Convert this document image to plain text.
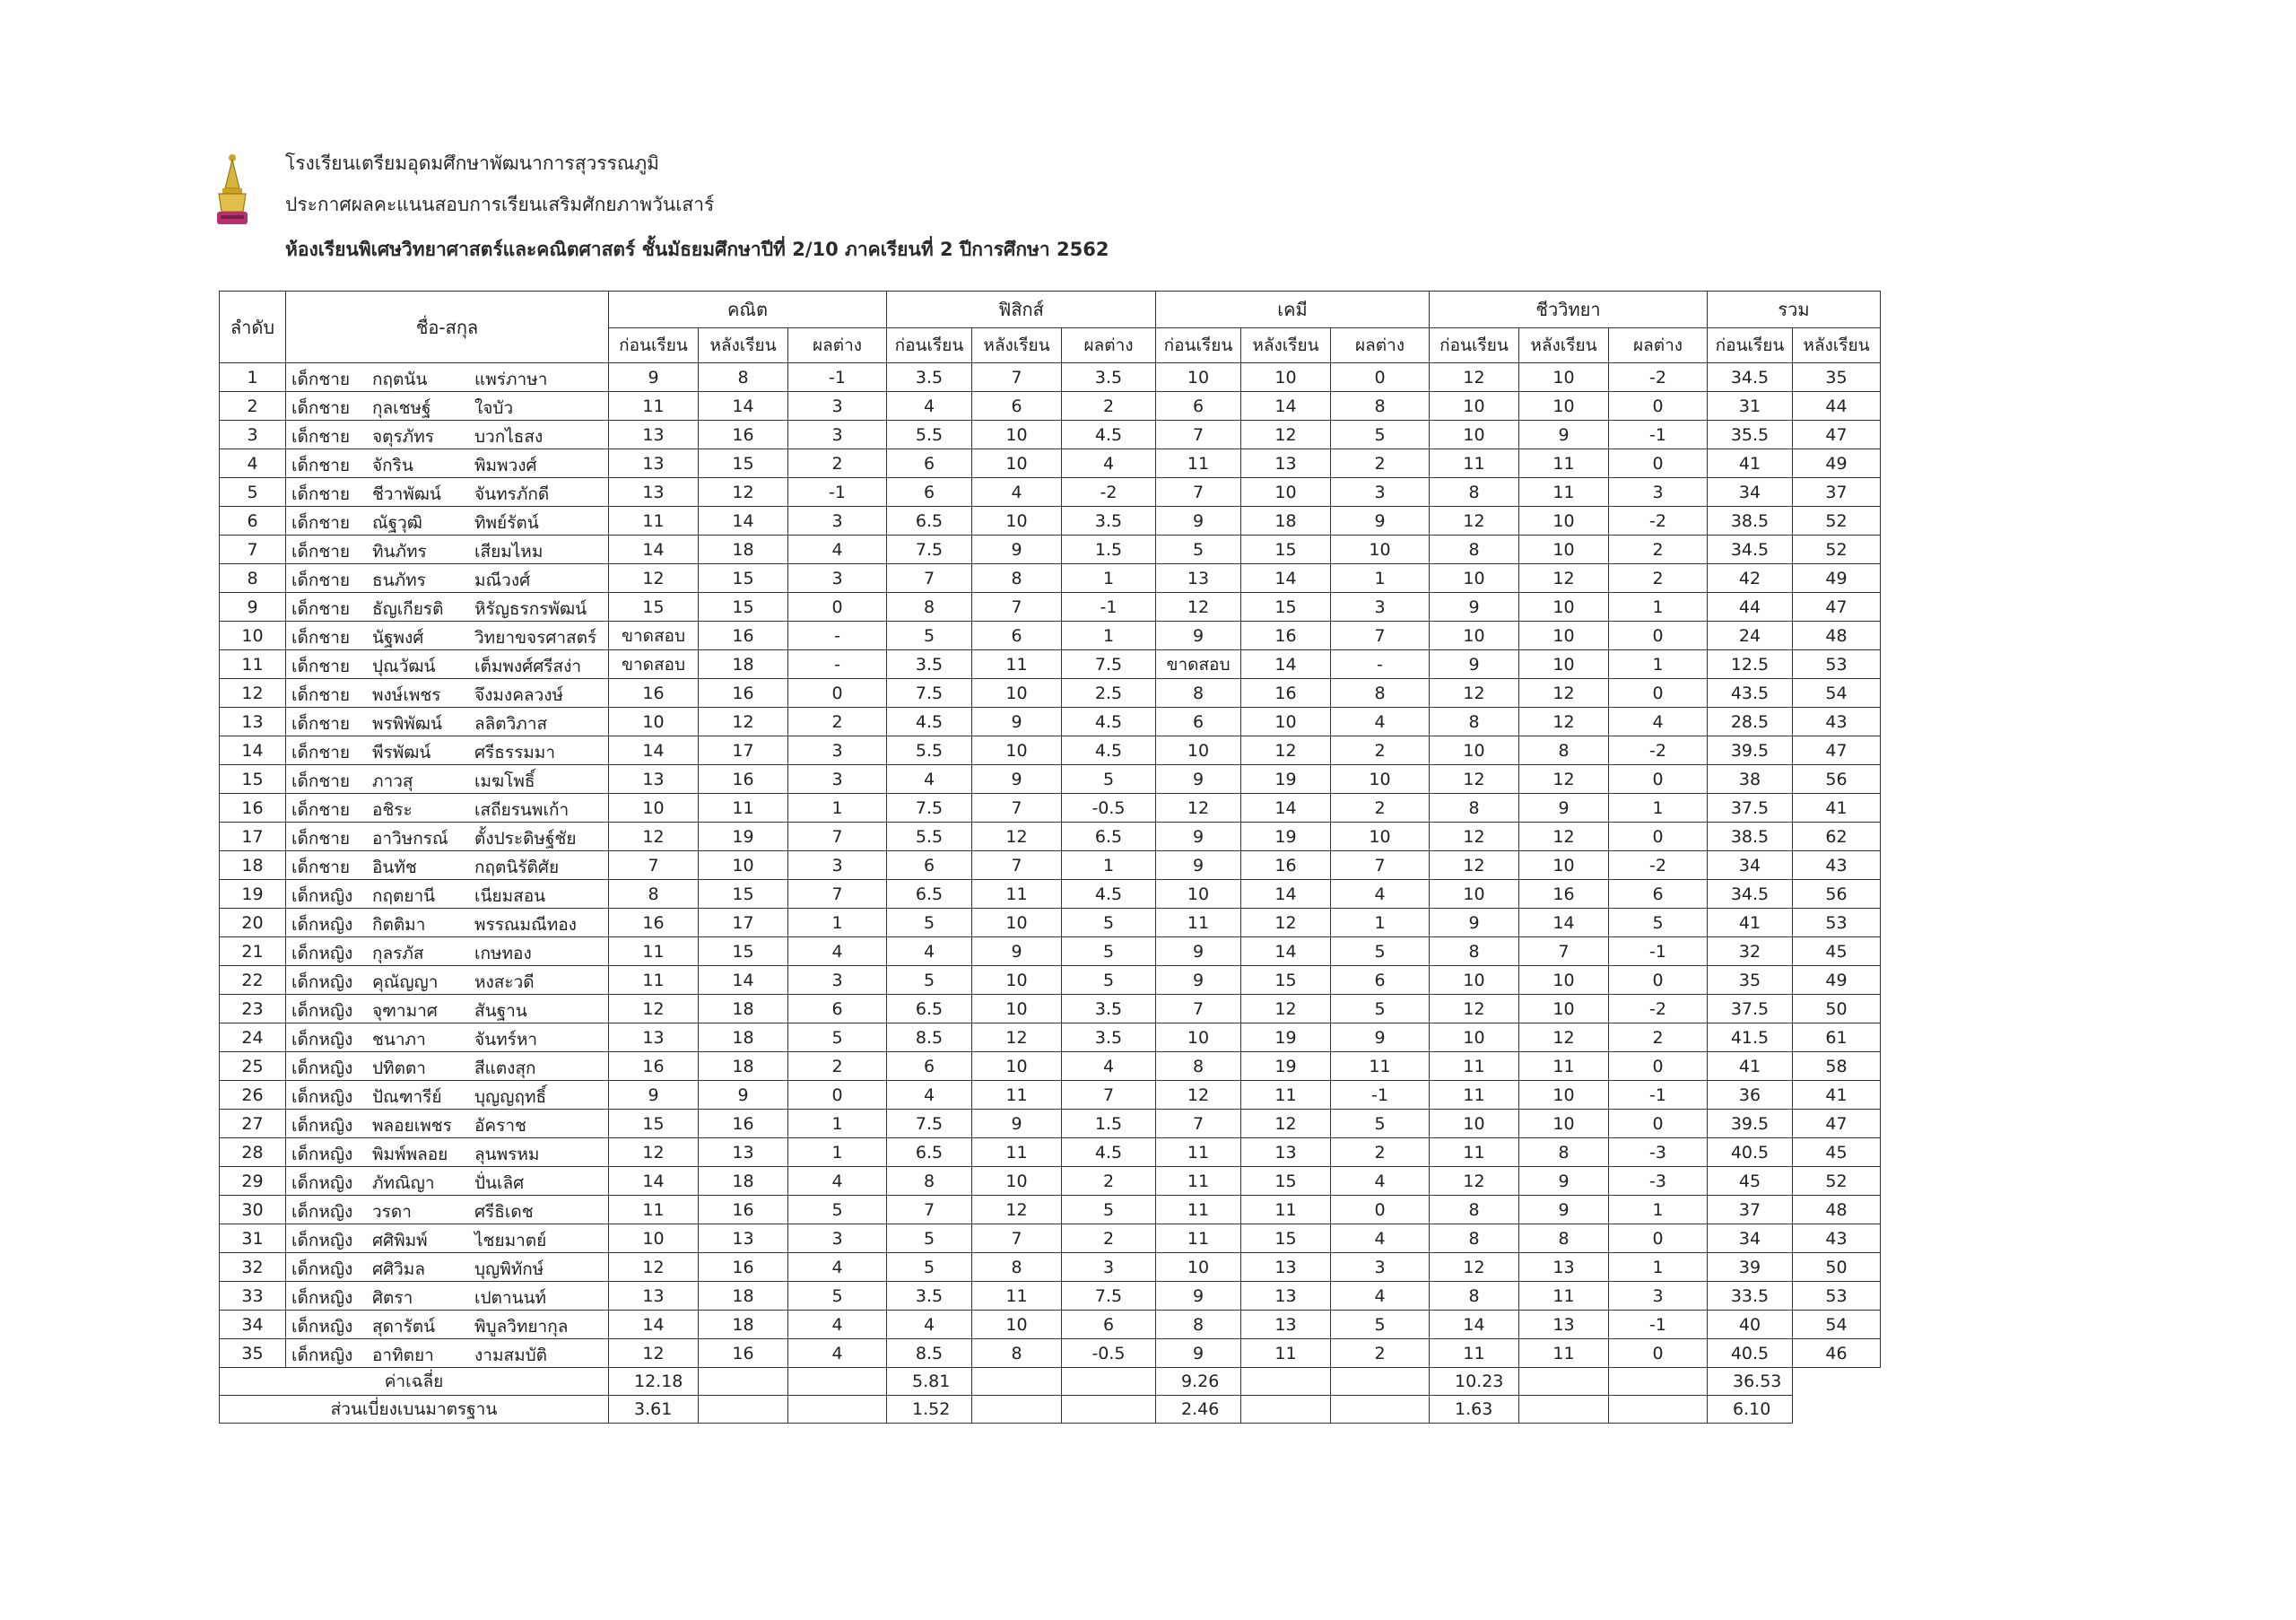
โรงเรียนเตรียมอุดมศึกษาพัฒนาการสุวรรณภูมิ
ประกาศผลคะแนนสอบการเรียนเสริมศักยภาพวันเสาร์
ห้องเรียนพิเศษวิทยาศาสตร์และคณิตศาสตร์ ชั้นมัธยมศึกษาปีที่ 2/10 ภาคเรียนที่ 2 ปีการศึกษา 2562
ลำดับ	ชื่อ-สกุล	คณิต			ฟิสิกส์			เคมี			ชีววิทยา			รวม	
		ก่อนเรียน	หลังเรียน	ผลต่าง	ก่อนเรียน	หลังเรียน	ผลต่าง	ก่อนเรียน	หลังเรียน	ผลต่าง	ก่อนเรียน	หลังเรียน	ผลต่าง	ก่อนเรียน	หลังเรียน
1	เด็กชาย กฤตนัน แพร่ภาษา	9	8	-1	3.5	7	3.5	10	10	0	12	10	-2	34.5	35
2	เด็กชาย กุลเชษฐ์ ใจบัว	11	14	3	4	6	2	6	14	8	10	10	0	31	44
3	เด็กชาย จตุรภัทร บวกไธสง	13	16	3	5.5	10	4.5	7	12	5	10	9	-1	35.5	47
4	เด็กชาย จักริน พิมพวงศ์	13	15	2	6	10	4	11	13	2	11	11	0	41	49
5	เด็กชาย ชีวาพัฒน์ จันทรภักดี	13	12	-1	6	4	-2	7	10	3	8	11	3	34	37
6	เด็กชาย ณัฐวุฒิ ทิพย์รัตน์	11	14	3	6.5	10	3.5	9	18	9	12	10	-2	38.5	52
7	เด็กชาย ทินภัทร เสียมไหม	14	18	4	7.5	9	1.5	5	15	10	8	10	2	34.5	52
8	เด็กชาย ธนภัทร มณีวงศ์	12	15	3	7	8	1	13	14	1	10	12	2	42	49
9	เด็กชาย ธัญเกียรติ หิรัญธรกรพัฒน์	15	15	0	8	7	-1	12	15	3	9	10	1	44	47
10	เด็กชาย นัฐพงศ์ วิทยาขจรศาสตร์	ขาดสอบ	16	-	5	6	1	9	16	7	10	10	0	24	48
11	เด็กชาย ปุณวัฒน์ เต็มพงศ์ศรีสง่า	ขาดสอบ	18	-	3.5	11	7.5	ขาดสอบ	14	-	9	10	1	12.5	53
12	เด็กชาย พงษ์เพชร จึงมงคลวงษ์	16	16	0	7.5	10	2.5	8	16	8	12	12	0	43.5	54
13	เด็กชาย พรพิพัฒน์ ลลิตวิภาส	10	12	2	4.5	9	4.5	6	10	4	8	12	4	28.5	43
14	เด็กชาย พีรพัฒน์ ศรีธรรมมา	14	17	3	5.5	10	4.5	10	12	2	10	8	-2	39.5	47
15	เด็กชาย ภาวสุ เมฆโพธิ์	13	16	3	4	9	5	9	19	10	12	12	0	38	56
16	เด็กชาย อชิระ เสถียรนพเก้า	10	11	1	7.5	7	-0.5	12	14	2	8	9	1	37.5	41
17	เด็กชาย อาวิษกรณ์ ตั้งประดิษฐ์ชัย	12	19	7	5.5	12	6.5	9	19	10	12	12	0	38.5	62
18	เด็กชาย อินทัช กฤตนิรัติศัย	7	10	3	6	7	1	9	16	7	12	10	-2	34	43
19	เด็กหญิง กฤตยานี เนียมสอน	8	15	7	6.5	11	4.5	10	14	4	10	16	6	34.5	56
20	เด็กหญิง กิตติมา พรรณมณีทอง	16	17	1	5	10	5	11	12	1	9	14	5	41	53
21	เด็กหญิง กุลรภัส เกษทอง	11	15	4	4	9	5	9	14	5	8	7	-1	32	45
22	เด็กหญิง คุณัญญา หงสะวดี	11	14	3	5	10	5	9	15	6	10	10	0	35	49
23	เด็กหญิง จุฑามาศ สันฐาน	12	18	6	6.5	10	3.5	7	12	5	12	10	-2	37.5	50
24	เด็กหญิง ชนาภา จันทร์หา	13	18	5	8.5	12	3.5	10	19	9	10	12	2	41.5	61
25	เด็กหญิง ปทิตตา สีแตงสุก	16	18	2	6	10	4	8	19	11	11	11	0	41	58
26	เด็กหญิง ปัณฑารีย์ บุญญฤทธิ์	9	9	0	4	11	7	12	11	-1	11	10	-1	36	41
27	เด็กหญิง พลอยเพชร อัคราช	15	16	1	7.5	9	1.5	7	12	5	10	10	0	39.5	47
28	เด็กหญิง พิมพ์พลอย ลุนพรหม	12	13	1	6.5	11	4.5	11	13	2	11	8	-3	40.5	45
29	เด็กหญิง ภัทณิญา ปั่นเลิศ	14	18	4	8	10	2	11	15	4	12	9	-3	45	52
30	เด็กหญิง วรดา ศรีธิเดช	11	16	5	7	12	5	11	11	0	8	9	1	37	48
31	เด็กหญิง ศศิพิมพ์ ไชยมาตย์	10	13	3	5	7	2	11	15	4	8	8	0	34	43
32	เด็กหญิง ศศิวิมล บุญพิทักษ์	12	16	4	5	8	3	10	13	3	12	13	1	39	50
33	เด็กหญิง ศิตรา เปตานนท์	13	18	5	3.5	11	7.5	9	13	4	8	11	3	33.5	53
34	เด็กหญิง สุดารัตน์ พิบูลวิทยากุล	14	18	4	4	10	6	8	13	5	14	13	-1	40	54
35	เด็กหญิง อาทิตยา งามสมบัติ	12	16	4	8.5	8	-0.5	9	11	2	11	11	0	40.5	46
ค่าเฉลี่ย		12.18			5.81			9.26			10.23			36.53	
ส่วนเบี่ยงเบนมาตรฐาน		3.61			1.52			2.46			1.63			6.10	
